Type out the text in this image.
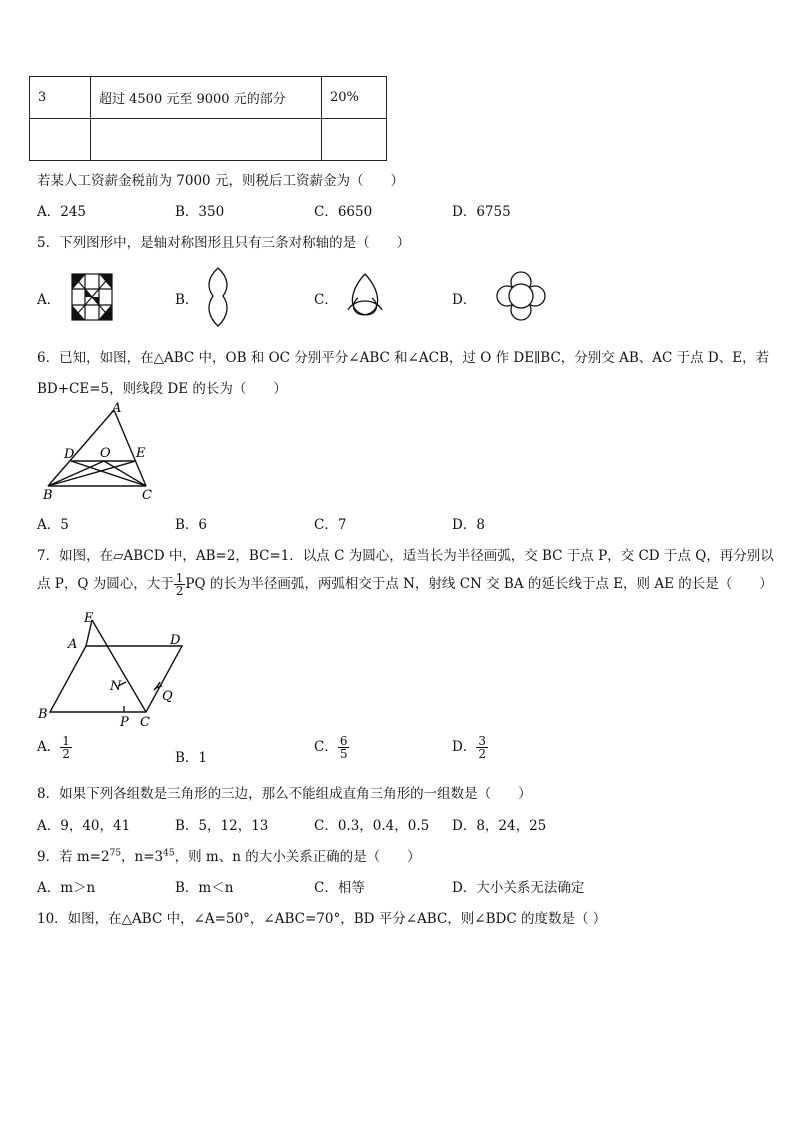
3	超过 4500 元至 9000 元的部分	20%

若某人工资薪金税前为 7000 元，则税后工资薪金为（　　）
A．245	B．350	C．6650	D．6755
5．下列图形中，是轴对称图形且只有三条对称轴的是（　　）
A．	B．	C．	D．
6．已知，如图，在△ABC 中，OB 和 OC 分别平分∠ABC 和∠ACB，过 O 作 DE∥BC，分别交 AB、AC 于点 D、E，若
BD+CE=5，则线段 DE 的长为（　　）
A
D O E
B	C
A．5	B．6	C．7	D．8
7．如图，在▱ABCD 中，AB=2，BC=1．以点 C 为圆心，适当长为半径画弧，交 BC 于点 P，交 CD 于点 Q，再分别以
点 P，Q 为圆心，大于 $\frac{1}{2}$ PQ 的长为半径画弧，两弧相交于点 N，射线 CN 交 BA 的延长线于点 E，则 AE 的长是（　　）
E
A	D
N
Q
B
P C
A． $\frac{1}{2}$	B．1
C． $\frac{6}{5}$	D． $\frac{3}{2}$
8．如果下列各组数是三角形的三边，那么不能组成直角三角形的一组数是（　　）
A．9，40，41	B．5，12，13	C．0.3，0.4，0.5 D．8，24，25
9．若 $m=2^{75}$，$n=3^{45}$，则 m、n 的大小关系正确的是（　　）
A．m＞n	B．m＜n	C．相等	D．大小关系无法确定
10．如图，在△ABC 中，∠A=50°，∠ABC=70°，BD 平分∠ABC，则∠BDC 的度数是（ ）
